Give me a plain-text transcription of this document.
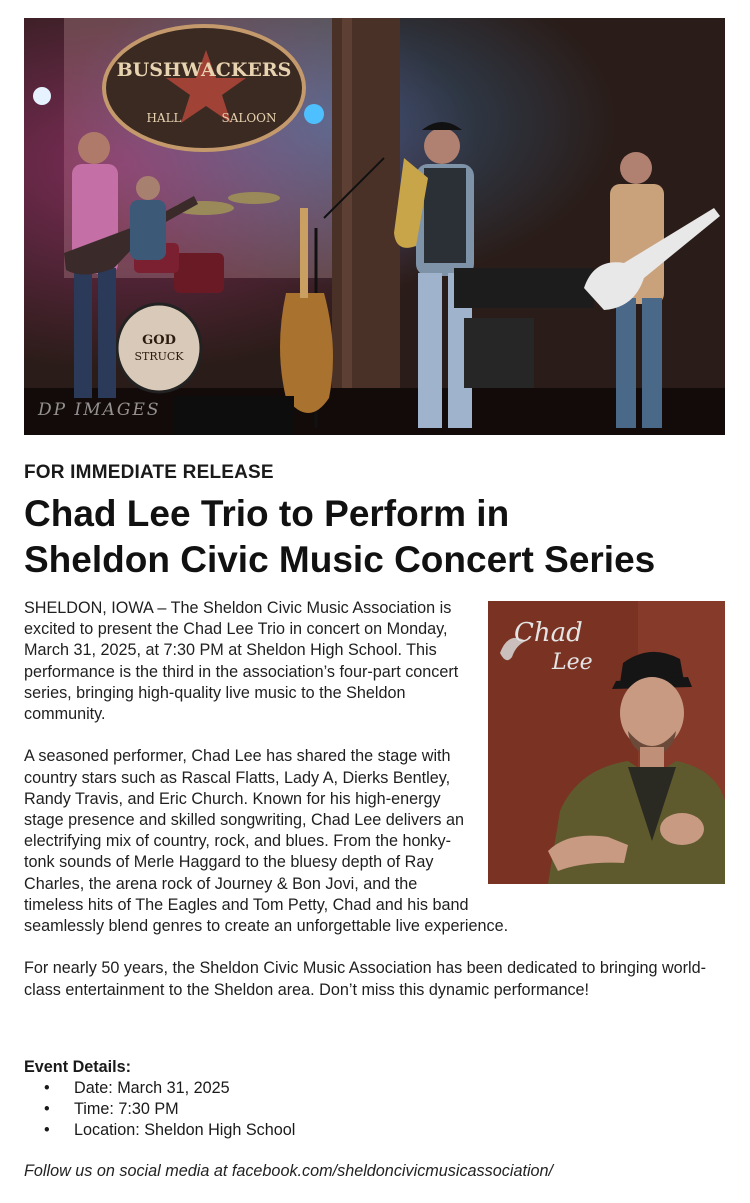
BUSHWACKERS
HALL	SALOON
GOD
STRUCK
DP IMAGES
FOR IMMEDIATE RELEASE
Chad Lee Trio to Perform in
Sheldon Civic Music Concert Series
Chad
Lee

SHELDON, IOWA – The Sheldon Civic Music Association is excited to present the Chad Lee Trio in concert on Monday, March 31, 2025, at 7:30 PM at Sheldon High School. This performance is the third in the association’s four-part concert series, bringing high-quality live music to the Sheldon community.

A seasoned performer, Chad Lee has shared the stage with country stars such as Rascal Flatts, Lady A, Dierks Bentley, Randy Travis, and Eric Church. Known for his high-energy stage presence and skilled songwriting, Chad Lee delivers an electrifying mix of country, rock, and blues. From the honky-tonk sounds of Merle Haggard to the bluesy depth of Ray Charles, the arena rock of Journey & Bon Jovi, and the timeless hits of The Eagles and Tom Petty, Chad and his band seamlessly blend genres to create an unforgettable live experience.

For nearly 50 years, the Sheldon Civic Music Association has been dedicated to bringing world-class entertainment to the Sheldon area. Don’t miss this dynamic performance!

Event Details:
• Date: March 31, 2025
• Time: 7:30 PM
• Location: Sheldon High School
Follow us on social media at facebook.com/sheldoncivicmusicassociation/
